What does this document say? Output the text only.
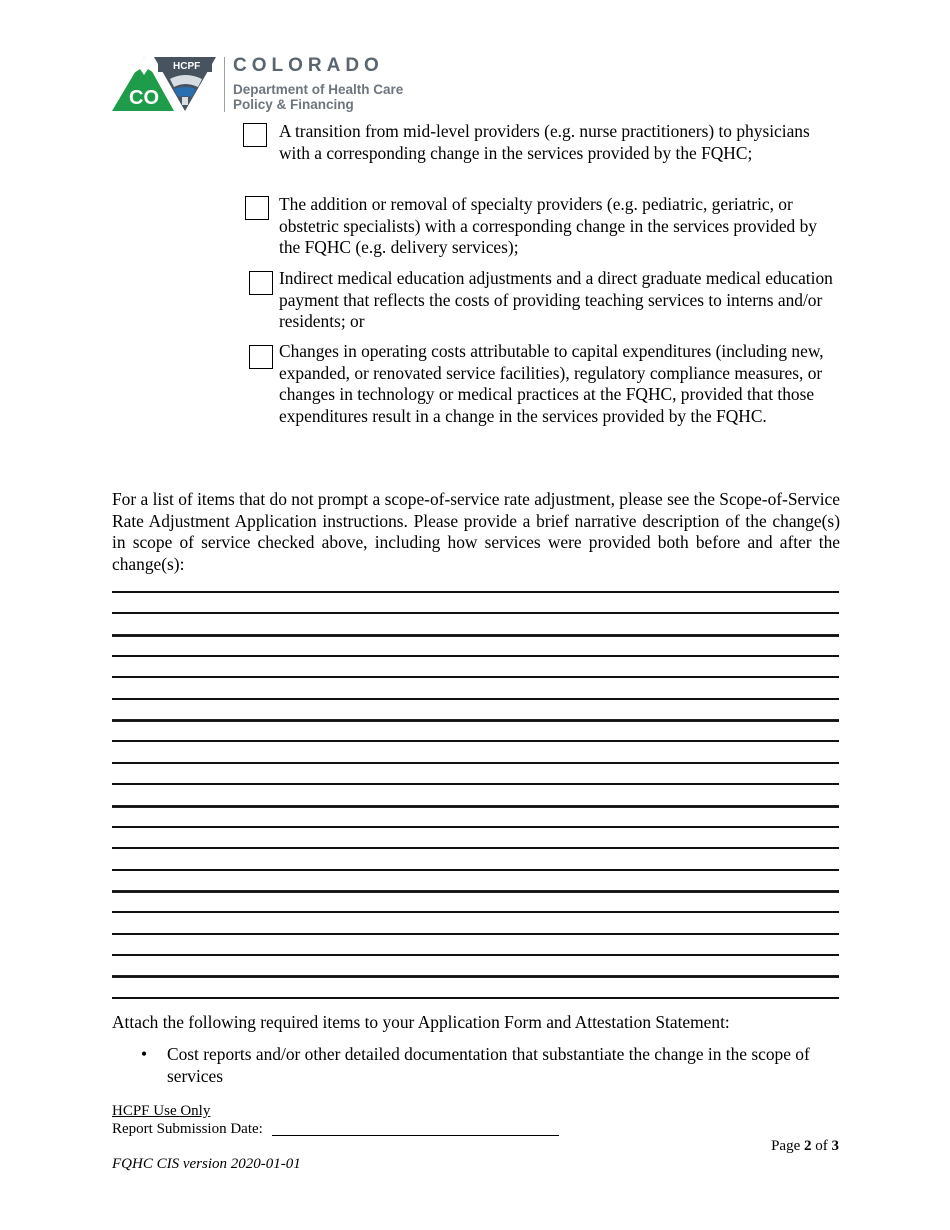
CO
HCPF COLORADO
Department of Health Care
Policy & Financing
A transition from mid-level providers (e.g. nurse practitioners) to physicians with a corresponding change in the services provided by the FQHC;
The addition or removal of specialty providers (e.g. pediatric, geriatric, or obstetric specialists) with a corresponding change in the services provided by the FQHC (e.g. delivery services);
Indirect medical education adjustments and a direct graduate medical education payment that reflects the costs of providing teaching services to interns and/or residents; or
Changes in operating costs attributable to capital expenditures (including new, expanded, or renovated service facilities), regulatory compliance measures, or changes in technology or medical practices at the FQHC, provided that those expenditures result in a change in the services provided by the FQHC.
For a list of items that do not prompt a scope-of-service rate adjustment, please see the Scope-of-Service Rate Adjustment Application instructions. Please provide a brief narrative description of the change(s) in scope of service checked above, including how services were provided both before and after the change(s):
Attach the following required items to your Application Form and Attestation Statement:
• Cost reports and/or other detailed documentation that substantiate the change in the scope of services
HCPF Use Only
Report Submission Date:
Page 2 of 3
FQHC CIS version 2020-01-01
